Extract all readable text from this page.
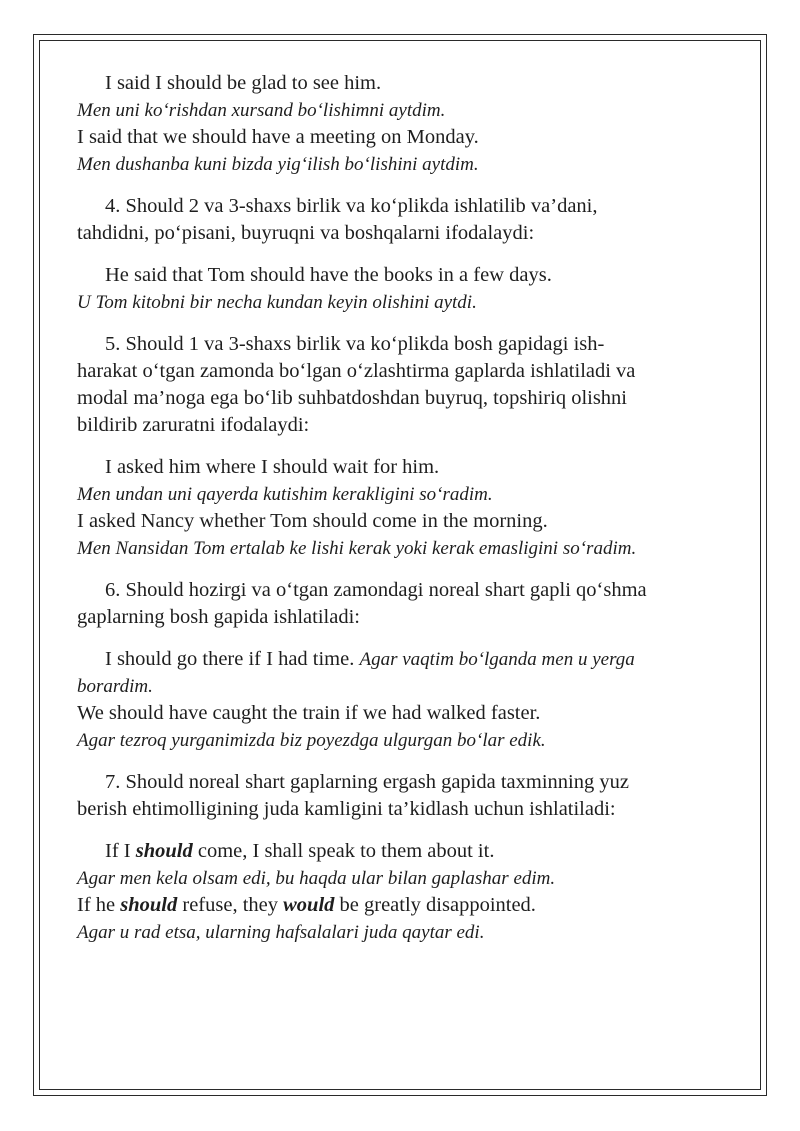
I said I should be glad to see him.

Men uni ko‘rishdan xursand bo‘lishimni aytdim.

I said that we should have a meeting on Monday.

Men dushanba kuni bizda yig‘ilish bo‘lishini aytdim.

4. Should 2 va 3-shaxs birlik va ko‘plikda ishlatilib va’dani,

tahdidni, po‘pisani, buyruqni va boshqalarni ifodalaydi:

He said that Tom should have the books in a few days.

U Tom kitobni bir necha kundan keyin olishini aytdi.

5. Should 1 va 3-shaxs birlik va ko‘plikda bosh gapidagi ish-

harakat o‘tgan zamonda bo‘lgan o‘zlashtirma gaplarda ishlatiladi va

modal ma’noga ega bo‘lib suhbatdoshdan buyruq, topshiriq olishni

bildirib zaruratni ifodalaydi:

I asked him where I should wait for him.

Men undan uni qayerda kutishim kerakligini so‘radim.

I asked Nancy whether Tom should come in the morning.

Men Nansidan Tom ertalab ke lishi kerak yoki kerak emasligini so‘radim.

6. Should hozirgi va o‘tgan zamondagi noreal shart gapli qo‘shma

gaplarning bosh gapida ishlatiladi:

I should go there if I had time. Agar vaqtim bo‘lganda men u yerga

borardim.

We should have caught the train if we had walked faster.

Agar tezroq yurganimizda biz poyezdga ulgurgan bo‘lar edik.

7. Should noreal shart gaplarning ergash gapida taxminning yuz

berish ehtimolligining juda kamligini ta’kidlash uchun ishlatiladi:

If I should come, I shall speak to them about it.

Agar men kela olsam edi, bu haqda ular bilan gaplashar edim.

If he should refuse, they would be greatly disappointed.

Agar u rad etsa, ularning hafsalalari juda qaytar edi.
